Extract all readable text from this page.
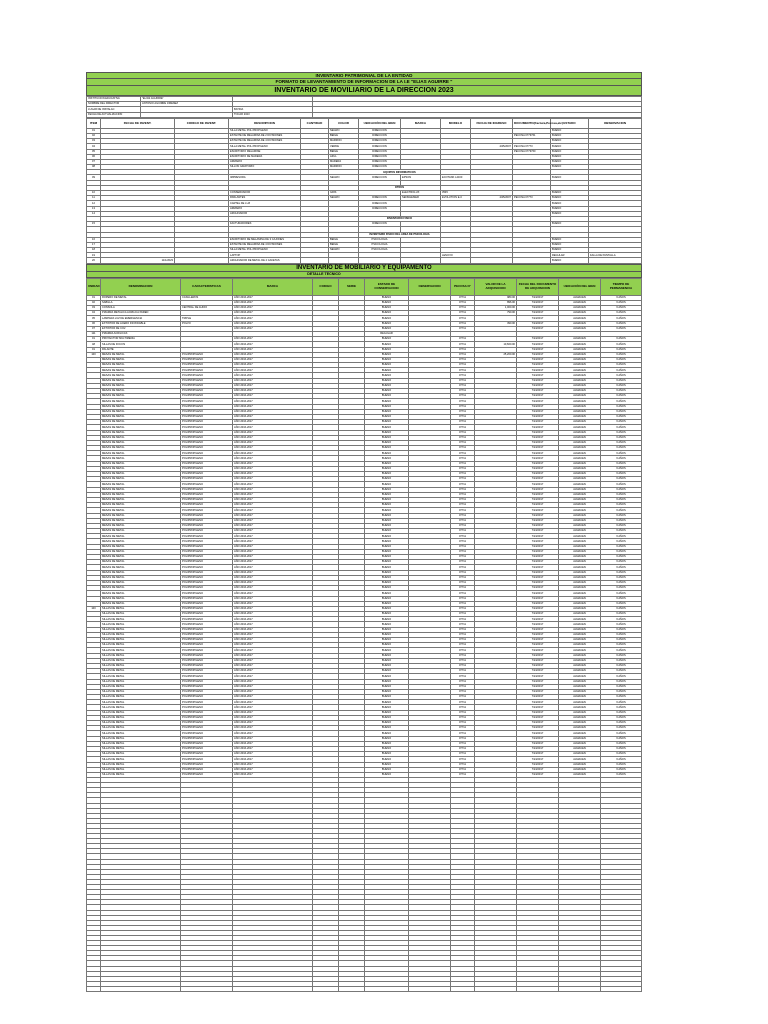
INVENTARIO PATRIMONIAL DE LA ENTIDAD
FORMATO DE LEVANTAMIENTO DE INFORMACION DE LA I.E "ELIAS AGUIRRE "
INVENTARIO DE MOVILIARIO DE LA DIRECCION 2023
INSTITUCION EDUCATIVA	"ELIAS AGUIRRE"		
NOMBRE DEL DIRECTOR	ANTONIO AGUIRRE JIMENEZ		
LUGAR DE INSTALAC		BATIDA	
FECHA DE ACTUALIZACION		TOCAR 2023	
ITEM	FECHA DE INVENT.	CODIGO DE INVENT.	DESCRIPCION	CANTIDAD	COLOR	UBICACIÓN DEL BIEN	MARCA	MODELO	FECHA DE INGRESO	DOCUMENTO(Factura,Pecosa,etc)	ESTADO	OBSERVACION
01			SILLA METAL POL.PROPILENO		NEGRO	DIRECCION					BUENO	
02			ESTANTE DE MELAMINA DE 2 DIVISIONES		BEIGE	DIRECCION				PECOSA 0773761	BUENO	
03			ESTANTE DE MELAMINA DE 4 DIVISIONES		MARRON	DIRECCION					BUENO	
04			SILLA METAL POL.PROPILENO		VERDE	DIRECCION			4/25/2007	PECOSA 07773	BUENO	
05			ESCRITORIO MELAMINE		BEIGE	DIRECCION				PECOSA 0773760	BUENO	
06			ESCRITORIO DE MADERA		AZUL	DIRECCION					BUENO	
07			ARMARIO		MADERA	DIRECCION					BUENO	
08			SILLON GIRATORIO		MARRON	DIRECCION					BUENO	
						EQUIPOS INFORMATICOS						
09			IMPRESORA		NEGRO	DIRECCION	EPSON	ECOTANK L4160			BUENO	

						OTROS						
10			CONSERVADOR		GRIS		ELECTROLUX	3545			BUENO	
11			PARLANTES		NEGRO	DIRECCION	SENNHEISER	EVOLUTION E-3	4/25/2007	PECOSA 07773	BUENO	
12			CARTEL DE LUZ			DIRECCION					BUENO	
13			ARMARIO			DIRECCION					BUENO	
14			ARCHIVADOR								BUENO	
						INVENTARIO FISICO						
15			FACTURADORES			DIRECCION					BUENO	

						INVENTARIO FISICO DEL AREA DE PSICOLOGIA						
16			ESCRITORIO DE MELAMINA DE 3 CAJONES		BEIGE	PSICOLOGIA					BUENO	
17			ESTANTE DE MELAMINA DE 4 DIVISIONES		BEIGE	PSICOLOGIA					BUENO	
18			SILLA METAL POL.PROPILENO		NEGRO	PSICOLOGIA					BUENO	
19			LAPTOP					LENOVO			REGULAR	FALLA DE PANTALLA
20	11/1/2023		ARCHIVADOR DE METAL DE 4 GAVETAS								BUENO	
INVENTARIO DE MOBILIARIO Y EQUIPAMENTO
DETALLE TECNICO
UNIDAD	DENOMINACION	CARACTERISTICAS	MARCA	CODIGO	SERIE	ESTADO DE CONSERVACION	OBSERVACION	PECOSA N°	VALOR DE LA ADQUISICION	FECHA DEL DOCUMENTO DE ADQUISICION	UBICACIÓN DEL BIEN	TIEMPO DE PERMANENCIA
01	ROPERO DE METAL	CASILLEROS	AÑO 2016-2017			BUENO		07711	980.00	7/24/2017	ALMACEN	6 AÑOS
02	SABILLA		AÑO 2016-2017			BUENO		07711	896.00	7/24/2017	ALMACEN	6 AÑOS
03	CONSOLA	CENTRAL DE AUDIO	AÑO 2016-2017			BUENO		07711	1,000.00	7/24/2017	ALMACEN	6 AÑOS
04	PIZARRA METALICA ACRILICA PARED		AÑO 2016-2017			BUENO		07711	790.00	7/24/2017	ALMACEN	6 AÑOS
05	LAMPARA LUZ DE EMERGENCIA	TRIPLE	AÑO 2016-2017			BUENO		07711		7/24/2017	ALMACEN	6 AÑOS
06	EXTINTOR DE ACERO INOXIDABLE	POLVO	AÑO 2016-2017			BUENO		07711	390.00	7/24/2017	ALMACEN	6 AÑOS
07	EXTINTOR DE CO2		AÑO 2016-2017			BUENO		07711		7/24/2017	ALMACEN	6 AÑOS
111	PIZARRA ACRILICAS					REGULAR						
01	PROYECTOR MULTIMEDIA		AÑO 2016-2017			BUENO		07711		7/24/2017	ALMACEN	6 AÑOS
48	SILLAS DE FOCOS		AÑO 2016-2017			BUENO		07711	10,660.00	7/24/2017	ALMACEN	6 AÑOS
01	PALANTE		AÑO 2016-2017			BUENO		07711		7/24/2017	ALMACEN	6 AÑOS
100	MESAS DE METAL	POLIPROPILENO	AÑO 2016-2017			BUENO		07711	25,200.00	7/24/2017	ALMACEN	6 AÑOS
	MESAS DE METAL	POLIPROPILENO	AÑO 2016-2017			BUENO		07711		7/24/2017	ALMACEN	6 AÑOS
	MESAS DE METAL	POLIPROPILENO	AÑO 2016-2017			BUENO		07711		7/24/2017	ALMACEN	6 AÑOS
	MESAS DE METAL	POLIPROPILENO	AÑO 2016-2017			BUENO		07711		7/24/2017	ALMACEN	6 AÑOS
	MESAS DE METAL	POLIPROPILENO	AÑO 2016-2017			BUENO		07711		7/24/2017	ALMACEN	6 AÑOS
	MESAS DE METAL	POLIPROPILENO	AÑO 2016-2017			BUENO		07711		7/24/2017	ALMACEN	6 AÑOS
	MESAS DE METAL	POLIPROPILENO	AÑO 2016-2017			BUENO		07711		7/24/2017	ALMACEN	6 AÑOS
	MESAS DE METAL	POLIPROPILENO	AÑO 2016-2017			BUENO		07711		7/24/2017	ALMACEN	6 AÑOS
	MESAS DE METAL	POLIPROPILENO	AÑO 2016-2017			BUENO		07711		7/24/2017	ALMACEN	6 AÑOS
	MESAS DE METAL	POLIPROPILENO	AÑO 2016-2017			BUENO		07711		7/24/2017	ALMACEN	6 AÑOS
	MESAS DE METAL	POLIPROPILENO	AÑO 2016-2017			BUENO		07711		7/24/2017	ALMACEN	6 AÑOS
	MESAS DE METAL	POLIPROPILENO	AÑO 2016-2017			BUENO		07711		7/24/2017	ALMACEN	6 AÑOS
	MESAS DE METAL	POLIPROPILENO	AÑO 2016-2017			BUENO		07711		7/24/2017	ALMACEN	6 AÑOS
	MESAS DE METAL	POLIPROPILENO	AÑO 2016-2017			BUENO		07711		7/24/2017	ALMACEN	6 AÑOS
	MESAS DE METAL	POLIPROPILENO	AÑO 2016-2017			BUENO		07711		7/24/2017	ALMACEN	6 AÑOS
	MESAS DE METAL	POLIPROPILENO	AÑO 2016-2017			BUENO		07711		7/24/2017	ALMACEN	6 AÑOS
	MESAS DE METAL	POLIPROPILENO	AÑO 2016-2017			BUENO		07711		7/24/2017	ALMACEN	6 AÑOS
	MESAS DE METAL	POLIPROPILENO	AÑO 2016-2017			BUENO		07711		7/24/2017	ALMACEN	6 AÑOS
	MESAS DE METAL	POLIPROPILENO	AÑO 2016-2017			BUENO		07711		7/24/2017	ALMACEN	6 AÑOS
	MESAS DE METAL	POLIPROPILENO	AÑO 2016-2017			BUENO		07711		7/24/2017	ALMACEN	6 AÑOS
	MESAS DE METAL	POLIPROPILENO	AÑO 2016-2017			BUENO		07711		7/24/2017	ALMACEN	6 AÑOS
	MESAS DE METAL	POLIPROPILENO	AÑO 2016-2017			BUENO		07711		7/24/2017	ALMACEN	6 AÑOS
	MESAS DE METAL	POLIPROPILENO	AÑO 2016-2017			BUENO		07711		7/24/2017	ALMACEN	6 AÑOS
	MESAS DE METAL	POLIPROPILENO	AÑO 2016-2017			BUENO		07711		7/24/2017	ALMACEN	6 AÑOS
	MESAS DE METAL	POLIPROPILENO	AÑO 2016-2017			BUENO		07711		7/24/2017	ALMACEN	6 AÑOS
	MESAS DE METAL	POLIPROPILENO	AÑO 2016-2017			BUENO		07711		7/24/2017	ALMACEN	6 AÑOS
	MESAS DE METAL	POLIPROPILENO	AÑO 2016-2017			BUENO		07711		7/24/2017	ALMACEN	6 AÑOS
	MESAS DE METAL	POLIPROPILENO	AÑO 2016-2017			BUENO		07711		7/24/2017	ALMACEN	6 AÑOS
	MESAS DE METAL	POLIPROPILENO	AÑO 2016-2017			BUENO		07711		7/24/2017	ALMACEN	6 AÑOS
	MESAS DE METAL	POLIPROPILENO	AÑO 2016-2017			BUENO		07711		7/24/2017	ALMACEN	6 AÑOS
	MESAS DE METAL	POLIPROPILENO	AÑO 2016-2017			BUENO		07711		7/24/2017	ALMACEN	6 AÑOS
	MESAS DE METAL	POLIPROPILENO	AÑO 2016-2017			BUENO		07711		7/24/2017	ALMACEN	6 AÑOS
	MESAS DE METAL	POLIPROPILENO	AÑO 2016-2017			BUENO		07711		7/24/2017	ALMACEN	6 AÑOS
	MESAS DE METAL	POLIPROPILENO	AÑO 2016-2017			BUENO		07711		7/24/2017	ALMACEN	6 AÑOS
	MESAS DE METAL	POLIPROPILENO	AÑO 2016-2017			BUENO		07711		7/24/2017	ALMACEN	6 AÑOS
	MESAS DE METAL	POLIPROPILENO	AÑO 2016-2017			BUENO		07711		7/24/2017	ALMACEN	6 AÑOS
	MESAS DE METAL	POLIPROPILENO	AÑO 2016-2017			BUENO		07711		7/24/2017	ALMACEN	6 AÑOS
	MESAS DE METAL	POLIPROPILENO	AÑO 2016-2017			BUENO		07711		7/24/2017	ALMACEN	6 AÑOS
	MESAS DE METAL	POLIPROPILENO	AÑO 2016-2017			BUENO		07711		7/24/2017	ALMACEN	6 AÑOS
	MESAS DE METAL	POLIPROPILENO	AÑO 2016-2017			BUENO		07711		7/24/2017	ALMACEN	6 AÑOS
	MESAS DE METAL	POLIPROPILENO	AÑO 2016-2017			BUENO		07711		7/24/2017	ALMACEN	6 AÑOS
	MESAS DE METAL	POLIPROPILENO	AÑO 2016-2017			BUENO		07711		7/24/2017	ALMACEN	6 AÑOS
	MESAS DE METAL	POLIPROPILENO	AÑO 2016-2017			BUENO		07711		7/24/2017	ALMACEN	6 AÑOS
	MESAS DE METAL	POLIPROPILENO	AÑO 2016-2017			BUENO		07711		7/24/2017	ALMACEN	6 AÑOS
	MESAS DE METAL	POLIPROPILENO	AÑO 2016-2017			BUENO		07711		7/24/2017	ALMACEN	6 AÑOS
	MESAS DE METAL	POLIPROPILENO	AÑO 2016-2017			BUENO		07711		7/24/2017	ALMACEN	6 AÑOS
	MESAS DE METAL	POLIPROPILENO	AÑO 2016-2017			BUENO		07711		7/24/2017	ALMACEN	6 AÑOS
	MESAS DE METAL	POLIPROPILENO	AÑO 2016-2017			BUENO		07711		7/24/2017	ALMACEN	6 AÑOS
	MESAS DE METAL	POLIPROPILENO	AÑO 2016-2017			BUENO		07711		7/24/2017	ALMACEN	6 AÑOS
100	SILLAS DE METAL	POLIPROPILENO	AÑO 2016-2017			BUENO		07711		7/24/2017	ALMACEN	6 AÑOS
	SILLAS DE METAL	POLIPROPILENO	AÑO 2016-2017			BUENO		07711		7/24/2017	ALMACEN	6 AÑOS
	SILLAS DE METAL	POLIPROPILENO	AÑO 2016-2017			BUENO		07711		7/24/2017	ALMACEN	6 AÑOS
	SILLAS DE METAL	POLIPROPILENO	AÑO 2016-2017			BUENO		07711		7/24/2017	ALMACEN	6 AÑOS
	SILLAS DE METAL	POLIPROPILENO	AÑO 2016-2017			BUENO		07711		7/24/2017	ALMACEN	6 AÑOS
	SILLAS DE METAL	POLIPROPILENO	AÑO 2016-2017			BUENO		07711		7/24/2017	ALMACEN	6 AÑOS
	SILLAS DE METAL	POLIPROPILENO	AÑO 2016-2017			BUENO		07711		7/24/2017	ALMACEN	6 AÑOS
	SILLAS DE METAL	POLIPROPILENO	AÑO 2016-2017			BUENO		07711		7/24/2017	ALMACEN	6 AÑOS
	SILLAS DE METAL	POLIPROPILENO	AÑO 2016-2017			BUENO		07711		7/24/2017	ALMACEN	6 AÑOS
	SILLAS DE METAL	POLIPROPILENO	AÑO 2016-2017			BUENO		07711		7/24/2017	ALMACEN	6 AÑOS
	SILLAS DE METAL	POLIPROPILENO	AÑO 2016-2017			BUENO		07711		7/24/2017	ALMACEN	6 AÑOS
	SILLAS DE METAL	POLIPROPILENO	AÑO 2016-2017			BUENO		07711		7/24/2017	ALMACEN	6 AÑOS
	SILLAS DE METAL	POLIPROPILENO	AÑO 2016-2017			BUENO		07711		7/24/2017	ALMACEN	6 AÑOS
	SILLAS DE METAL	POLIPROPILENO	AÑO 2016-2017			BUENO		07711		7/24/2017	ALMACEN	6 AÑOS
	SILLAS DE METAL	POLIPROPILENO	AÑO 2016-2017			BUENO		07711		7/24/2017	ALMACEN	6 AÑOS
	SILLAS DE METAL	POLIPROPILENO	AÑO 2016-2017			BUENO		07711		7/24/2017	ALMACEN	6 AÑOS
	SILLAS DE METAL	POLIPROPILENO	AÑO 2016-2017			BUENO		07711		7/24/2017	ALMACEN	6 AÑOS
	SILLAS DE METAL	POLIPROPILENO	AÑO 2016-2017			BUENO		07711		7/24/2017	ALMACEN	6 AÑOS
	SILLAS DE METAL	POLIPROPILENO	AÑO 2016-2017			BUENO		07711		7/24/2017	ALMACEN	6 AÑOS
	SILLAS DE METAL	POLIPROPILENO	AÑO 2016-2017			BUENO		07711		7/24/2017	ALMACEN	6 AÑOS
	SILLAS DE METAL	POLIPROPILENO	AÑO 2016-2017			BUENO		07711		7/24/2017	ALMACEN	6 AÑOS
	SILLAS DE METAL	POLIPROPILENO	AÑO 2016-2017			BUENO		07711		7/24/2017	ALMACEN	6 AÑOS
	SILLAS DE METAL	POLIPROPILENO	AÑO 2016-2017			BUENO		07711		7/24/2017	ALMACEN	6 AÑOS
	SILLAS DE METAL	POLIPROPILENO	AÑO 2016-2017			BUENO		07711		7/24/2017	ALMACEN	6 AÑOS
	SILLAS DE METAL	POLIPROPILENO	AÑO 2016-2017			BUENO		07711		7/24/2017	ALMACEN	6 AÑOS
	SILLAS DE METAL	POLIPROPILENO	AÑO 2016-2017			BUENO		07711		7/24/2017	ALMACEN	6 AÑOS
	SILLAS DE METAL	POLIPROPILENO	AÑO 2016-2017			BUENO		07711		7/24/2017	ALMACEN	6 AÑOS
	SILLAS DE METAL	POLIPROPILENO	AÑO 2016-2017			BUENO		07711		7/24/2017	ALMACEN	6 AÑOS
	SILLAS DE METAL	POLIPROPILENO	AÑO 2016-2017			BUENO		07711		7/24/2017	ALMACEN	6 AÑOS
	SILLAS DE METAL	POLIPROPILENO	AÑO 2016-2017			BUENO		07711		7/24/2017	ALMACEN	6 AÑOS
	SILLAS DE METAL	POLIPROPILENO	AÑO 2016-2017			BUENO		07711		7/24/2017	ALMACEN	6 AÑOS
	SILLAS DE METAL	POLIPROPILENO	AÑO 2016-2017			BUENO		07711		7/24/2017	ALMACEN	6 AÑOS
	SILLAS DE METAL	POLIPROPILENO	AÑO 2016-2017			BUENO		07711		7/24/2017	ALMACEN	6 AÑOS
